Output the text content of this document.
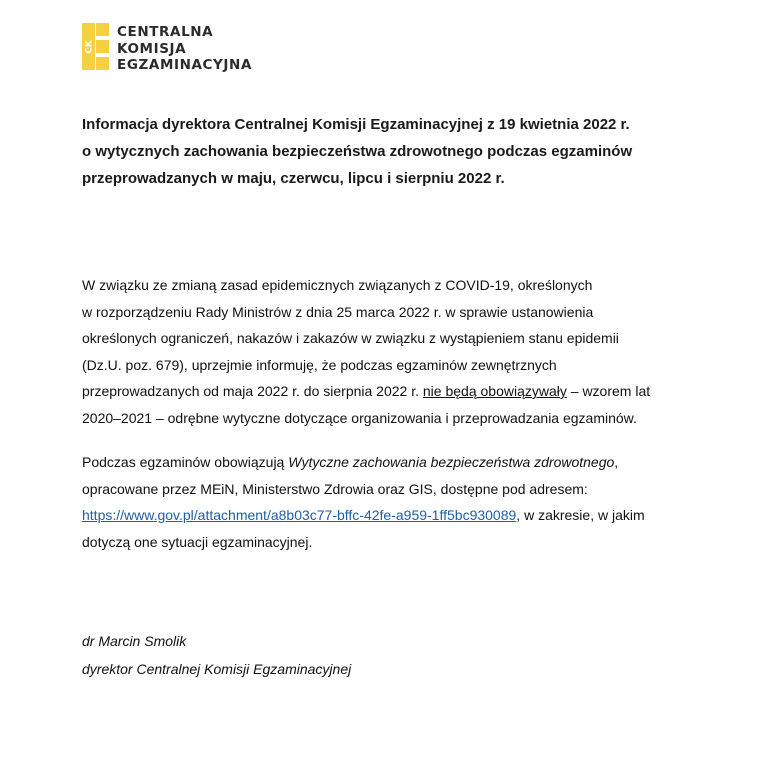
CK
CENTRALNA
KOMISJA
EGZAMINACYJNA
Informacja dyrektora Centralnej Komisji Egzaminacyjnej z 19 kwietnia 2022 r.
o wytycznych zachowania bezpieczeństwa zdrowotnego podczas egzaminów
przeprowadzanych w maju, czerwcu, lipcu i sierpniu 2022 r.
W związku ze zmianą zasad epidemicznych związanych z COVID-19, określonych
w rozporządzeniu Rady Ministrów z dnia 25 marca 2022 r. w sprawie ustanowienia
określonych ograniczeń, nakazów i zakazów w związku z wystąpieniem stanu epidemii
(Dz.U. poz. 679), uprzejmie informuję, że podczas egzaminów zewnętrznych
przeprowadzanych od maja 2022 r. do sierpnia 2022 r. nie będą obowiązywały – wzorem lat
2020–2021 – odrębne wytyczne dotyczące organizowania i przeprowadzania egzaminów.
Podczas egzaminów obowiązują Wytyczne zachowania bezpieczeństwa zdrowotnego,
opracowane przez MEiN, Ministerstwo Zdrowia oraz GIS, dostępne pod adresem:
https://www.gov.pl/attachment/a8b03c77-bffc-42fe-a959-1ff5bc930089, w zakresie, w jakim
dotyczą one sytuacji egzaminacyjnej.
dr Marcin Smolik
dyrektor Centralnej Komisji Egzaminacyjnej
